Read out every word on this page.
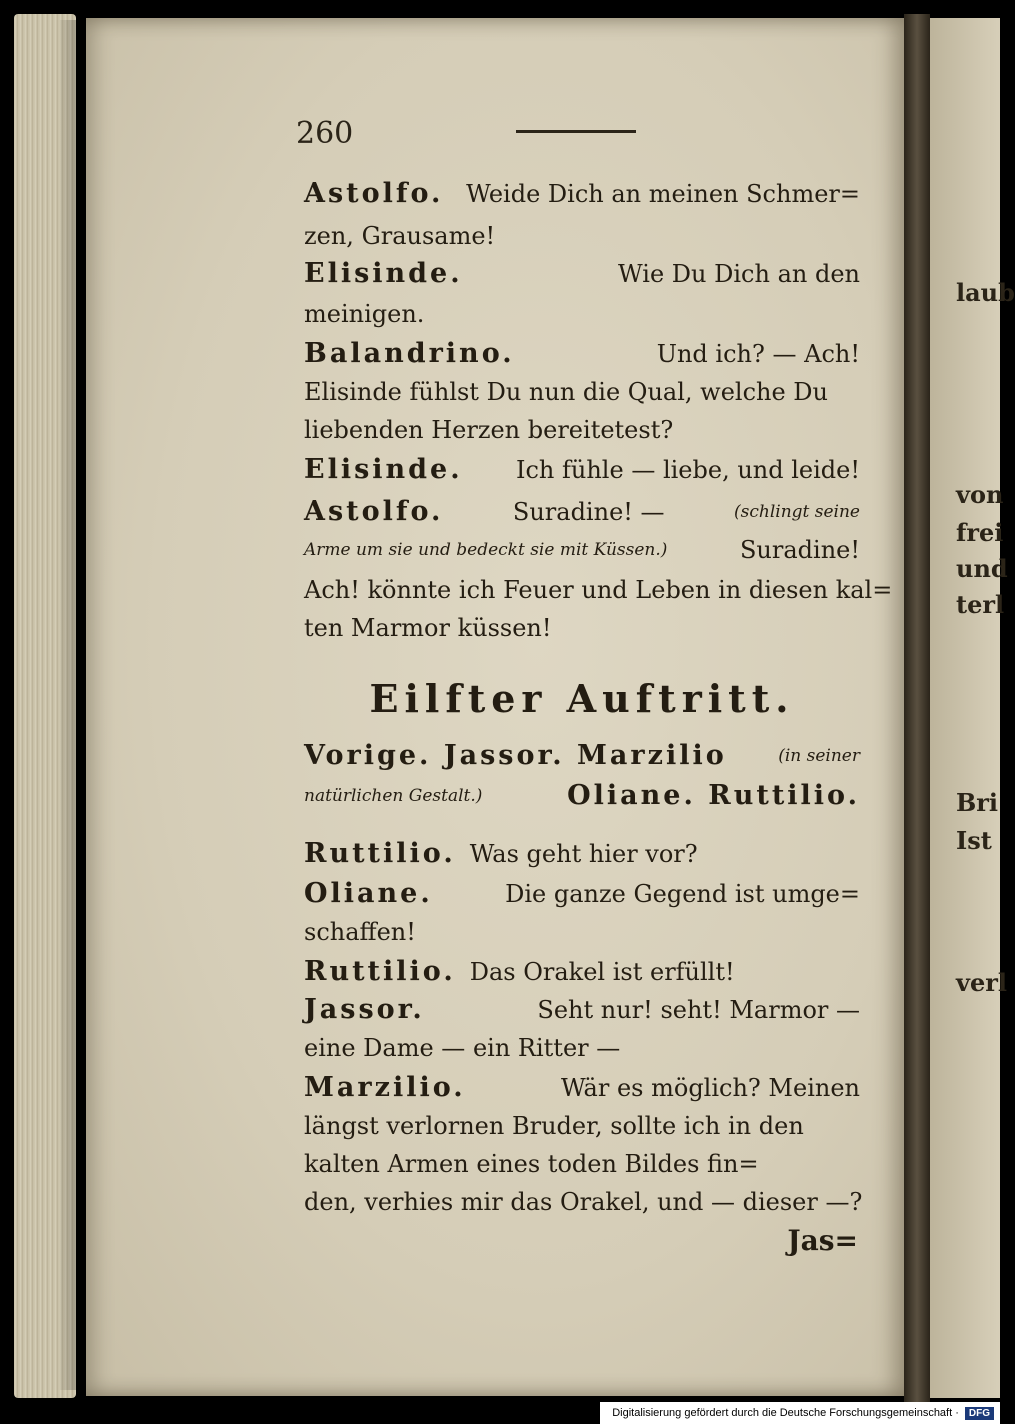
laub
von
frei
und
terl
Bri
Ist
verl
260
Astolfo. Weide Dich an meinen Schmer=
zen, Grausame!
Elisinde.	Wie Du Dich an den
meinigen.
Balandrino.	Und ich? — Ach!
Elisinde fühlst Du nun die Qual, welche Du
liebenden Herzen bereitetest?
Elisinde. Ich fühle — liebe, und leide!
Astolfo.	Suradine! —	(schlingt seine
Arme um sie und bedeckt sie mit Küssen.)	Suradine!
Ach! könnte ich Feuer und Leben in diesen kal=
ten Marmor küssen!
Eilfter Auftritt.
Vorige. Jassor. Marzilio	(in seiner
natürlichen Gestalt.)	Oliane. Ruttilio.
Ruttilio. Was geht hier vor?
Oliane.	Die ganze Gegend ist umge=
schaffen!
Ruttilio. Das Orakel ist erfüllt!
Jassor.	Seht nur! seht! Marmor —
eine Dame — ein Ritter —
Marzilio.	Wär es möglich? Meinen
längst verlornen Bruder, sollte ich in den
kalten Armen eines toden Bildes fin=
den, verhies mir das Orakel, und — dieser —?
Jas=
Digitalisierung gefördert durch die Deutsche Forschungsgemeinschaft ·	DFG
